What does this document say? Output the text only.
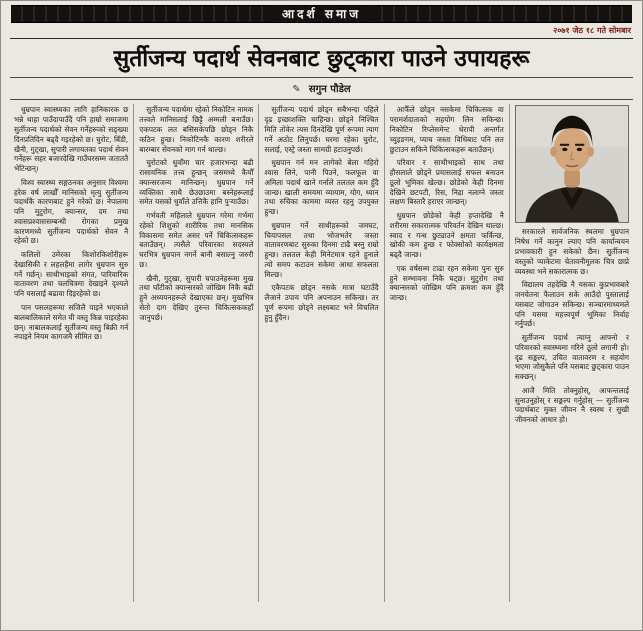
आदर्श समाज
२०७१ जेठ १८ गते सोमबार
सुर्तीजन्य पदार्थ सेवनबाट छुट्कारा पाउने उपायहरू
✎ सगुन पौडेल

धुम्रपान स्वास्थ्यका लागि हानिकारक छ भन्ने थाहा पाउँदापाउँदै पनि हाम्रो समाजमा सुर्तीजन्य पदार्थको सेवन गर्नेहरूको सङ्ख्या दिनप्रतिदिन बढ्दै गइरहेको छ। चुरोट, बिँडी, खैनी, गुट्खा, सुपारी लगायतका पदार्थ सेवन गर्नेहरू सहर बजारदेखि गाउँघरसम्म जताततै भेटिन्छन्।

विश्व स्वास्थ्य सङ्गठनका अनुसार विश्वमा हरेक वर्ष लाखौँ मानिसको मृत्यु सुर्तीजन्य पदार्थकै कारणबाट हुने गरेको छ। नेपालमा पनि मुटुरोग, क्यान्सर, दम तथा श्वासप्रश्वाससम्बन्धी रोगका प्रमुख कारणमध्ये सुर्तीजन्य पदार्थको सेवन नै रहेको छ।

कलिलो उमेरका किशोरकिशोरीहरू देखासिकी र लहलहैमा लागेर धुम्रपान सुरु गर्ने गर्छन्। साथीभाइको संगत, पारिवारिक वातावरण तथा चलचित्रमा देखाइने दृश्यले पनि यसलाई बढावा दिइरहेको छ।

पान पसलहरूमा सजिलै पाइने भएकाले बालबालिकाले समेत यी वस्तु किन्न पाइरहेका छन्। नाबालकलाई सुर्तीजन्य वस्तु बिक्री गर्न नपाइने नियम कागजमै सीमित छ।

सुर्तीजन्य पदार्थमा रहेको निकोटिन नामक तत्त्वले मानिसलाई छिट्टै अम्मली बनाउँछ। एकपटक लत बसिसकेपछि छोड्न निकै कठिन हुन्छ। निकोटिनकै कारण शरीरले बारम्बार सेवनको माग गर्न थाल्छ।

चुरोटको धुवाँमा चार हजारभन्दा बढी रासायनिक तत्त्व हुन्छन् जसमध्ये कैयौँ क्यान्सरजन्य मानिन्छन्। धुम्रपान गर्ने व्यक्तिका साथै छेउछाउमा बस्नेहरूलाई समेत यसको धुवाँले उत्तिकै हानि पुर्‍याउँछ।

गर्भवती महिलाले धुम्रपान गरेमा गर्भमा रहेको शिशुको शारीरिक तथा मानसिक विकासमा समेत असर पर्ने चिकित्सकहरू बताउँछन्। त्यसैले परिवारका सदस्यले घरभित्र धुम्रपान नगर्ने बानी बसाल्नु जरुरी छ।

खैनी, गुट्खा, सुपारी चपाउनेहरूमा मुख तथा घाँटीको क्यान्सरको जोखिम निकै बढी हुने अध्ययनहरूले देखाएका छन्। मुखभित्र सेतो दाग देखिए तुरुन्त चिकित्सककहाँ जानुपर्छ।

सुर्तीजन्य पदार्थ छोड्न सबैभन्दा पहिले दृढ इच्छाशक्ति चाहिन्छ। छोड्ने निश्चित मिति तोकेर त्यस दिनदेखि पूर्ण रूपमा त्याग गर्ने अठोट लिनुपर्छ। घरमा रहेका चुरोट, सलाई, एस्ट्रे जस्ता सामग्री हटाउनुपर्छ।

धुम्रपान गर्न मन लागेको बेला गहिरो श्वास लिने, पानी पिउने, फलफूल वा अमिला पदार्थ खाने गर्नाले तलतल कम हुँदै जान्छ। खाली समयमा व्यायाम, योग, ध्यान तथा रुचिका काममा व्यस्त रहनु उपयुक्त हुन्छ।

धुम्रपान गर्ने साथीहरूको जमघट, चियापसल तथा भोजभतेर जस्ता वातावरणबाट सुरुका दिनमा टाढै बस्नु राम्रो हुन्छ। तलतल केही मिनेटमात्र रहने हुनाले त्यो समय कटाउन सकेमा आधा सफलता मिल्छ।

एकैपटक छोड्न नसके मात्रा घटाउँदै लैजाने उपाय पनि अपनाउन सकिन्छ। तर पूर्ण रूपमा छोड्ने लक्ष्यबाट भने विचलित हुनु हुँदैन।

आफैँले छोड्न नसकेमा चिकित्सक वा परामर्शदाताको सहयोग लिन सकिन्छ। निकोटिन रिप्लेसमेन्ट थेरापी अन्तर्गत च्युइङगम, प्याच जस्ता विधिबाट पनि लत छुटाउन सकिने चिकित्सकहरू बताउँछन्।

परिवार र साथीभाइको साथ तथा हौसलाले छोड्ने प्रयासलाई सफल बनाउन ठूलो भूमिका खेल्छ। छोडेको केही दिनमा देखिने छटपटी, रिस, निद्रा नलाग्ने जस्ता लक्षण बिस्तारै हराएर जान्छन्।

धुम्रपान छोडेको केही हप्तादेखि नै शरीरमा सकारात्मक परिवर्तन देखिन थाल्छ। स्वाद र गन्ध छुट्याउने क्षमता फर्किन्छ, खोकी कम हुन्छ र फोक्सोको कार्यक्षमता बढ्दै जान्छ।

एक वर्षसम्म टाढा रहन सकेमा पुनः सुरु हुने सम्भावना निकै घट्छ। मुटुरोग तथा क्यान्सरको जोखिम पनि क्रमशः कम हुँदै जान्छ।

सरकारले सार्वजनिक स्थलमा धुम्रपान निषेध गर्ने कानुन ल्याए पनि कार्यान्वयन प्रभावकारी हुन सकेको छैन। सुर्तीजन्य वस्तुको प्याकेटमा चेतावनीमूलक चित्र छाप्ने व्यवस्था भने सकारात्मक छ।

विद्यालय तहदेखि नै यसका कुप्रभावबारे जनचेतना फैलाउन सके आउँदो पुस्तालाई यसबाट जोगाउन सकिन्छ। सञ्चारमाध्यमले पनि यसमा महत्त्वपूर्ण भूमिका निर्वाह गर्नुपर्छ।

सुर्तीजन्य पदार्थ त्याग्नु आफ्नो र परिवारको स्वास्थ्यमा गरिने ठूलो लगानी हो। दृढ सङ्कल्प, उचित वातावरण र सहयोग भएमा जोसुकैले पनि यसबाट छुट्कारा पाउन सक्छन्।

आजै मिति तोक्नुहोस्, आफन्तलाई सुनाउनुहोस् र सङ्कल्प गर्नुहोस् — सुर्तीजन्य पदार्थबाट मुक्त जीवन नै स्वस्थ र सुखी जीवनको आधार हो।
